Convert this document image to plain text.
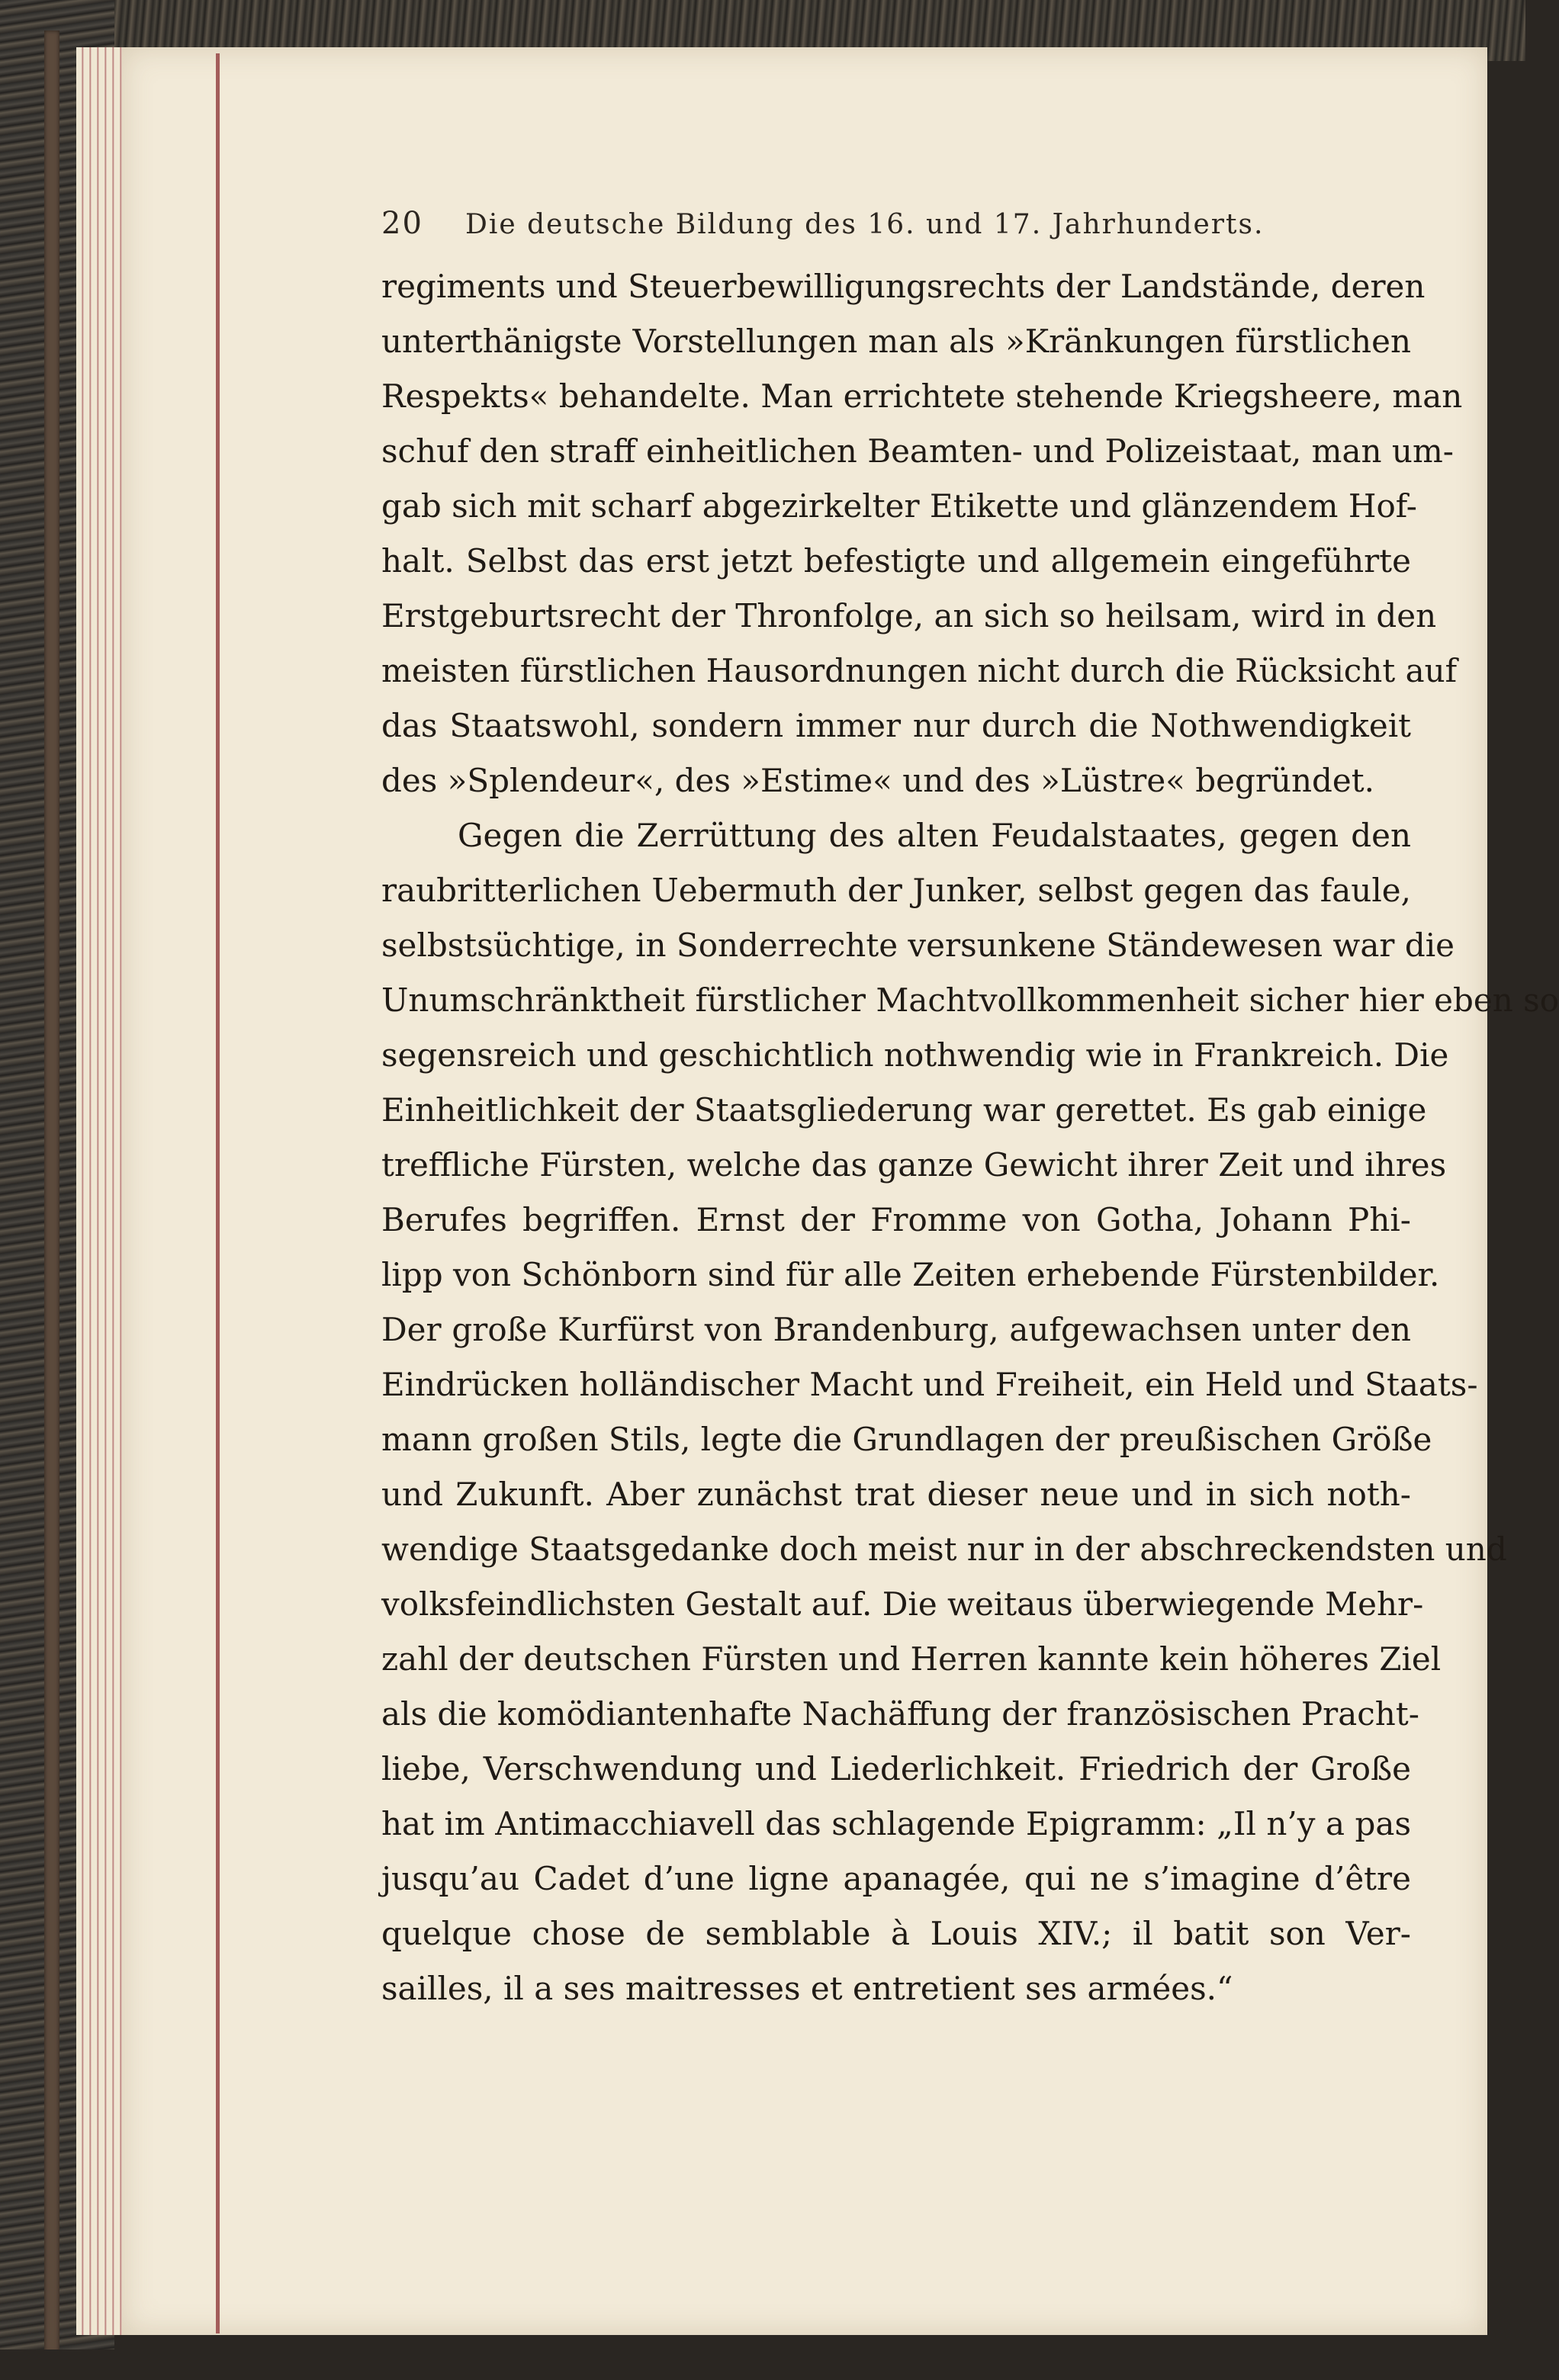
20	Die deutsche Bildung des 16. und 17. Jahrhunderts.
regiments und Steuerbewilligungsrechts der Landstände, deren
unterthänigste Vorstellungen man als »Kränkungen fürstlichen
Respekts« behandelte. Man errichtete stehende Kriegsheere, man
schuf den straff einheitlichen Beamten- und Polizeistaat, man um-
gab sich mit scharf abgezirkelter Etikette und glänzendem Hof-
halt. Selbst das erst jetzt befestigte und allgemein eingeführte
Erstgeburtsrecht der Thronfolge, an sich so heilsam, wird in den
meisten fürstlichen Hausordnungen nicht durch die Rücksicht auf
das Staatswohl, sondern immer nur durch die Nothwendigkeit
des »Splendeur«, des »Estime« und des »Lüstre« begründet.
Gegen die Zerrüttung des alten Feudalstaates, gegen den
raubritterlichen Uebermuth der Junker, selbst gegen das faule,
selbstsüchtige, in Sonderrechte versunkene Ständewesen war die
Unumschränktheit fürstlicher Machtvollkommenheit sicher hier eben so
segensreich und geschichtlich nothwendig wie in Frankreich. Die
Einheitlichkeit der Staatsgliederung war gerettet. Es gab einige
treffliche Fürsten, welche das ganze Gewicht ihrer Zeit und ihres
Berufes begriffen. Ernst der Fromme von Gotha, Johann Phi-
lipp von Schönborn sind für alle Zeiten erhebende Fürstenbilder.
Der große Kurfürst von Brandenburg, aufgewachsen unter den
Eindrücken holländischer Macht und Freiheit, ein Held und Staats-
mann großen Stils, legte die Grundlagen der preußischen Größe
und Zukunft. Aber zunächst trat dieser neue und in sich noth-
wendige Staatsgedanke doch meist nur in der abschreckendsten und
volksfeindlichsten Gestalt auf. Die weitaus überwiegende Mehr-
zahl der deutschen Fürsten und Herren kannte kein höheres Ziel
als die komödiantenhafte Nachäffung der französischen Pracht-
liebe, Verschwendung und Liederlichkeit. Friedrich der Große
hat im Antimacchiavell das schlagende Epigramm: „Il n’y a pas
jusqu’au Cadet d’une ligne apanagée, qui ne s’imagine d’être
quelque chose de semblable à Louis XIV.; il batit son Ver-
sailles, il a ses maitresses et entretient ses armées.“
